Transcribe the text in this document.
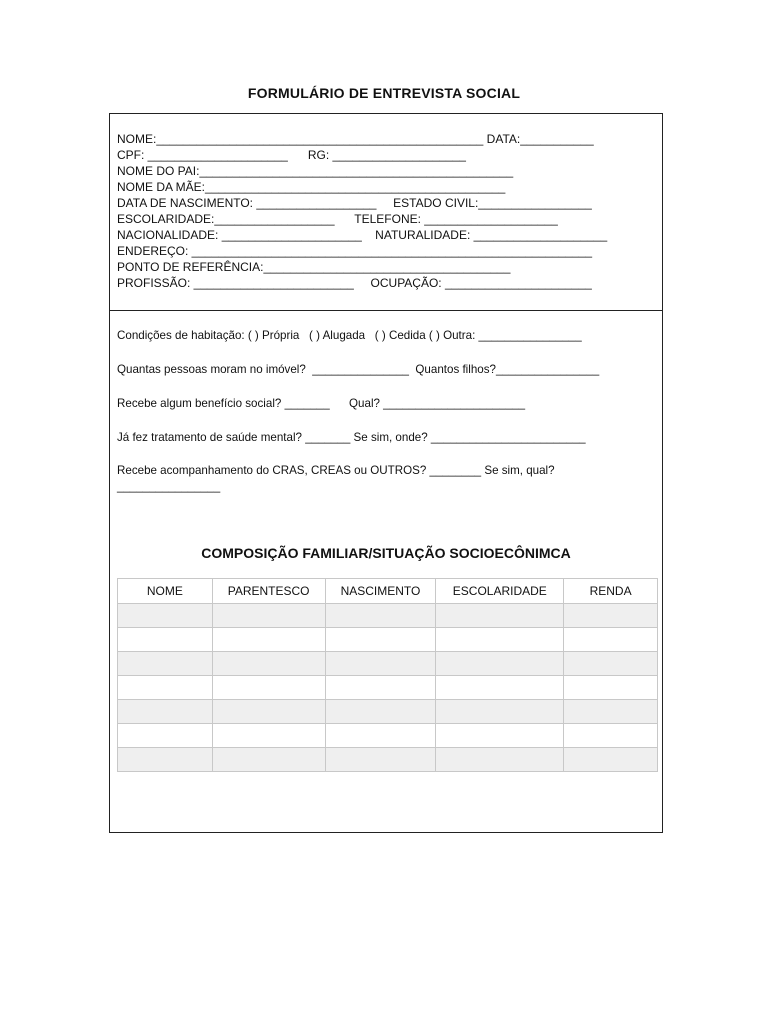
FORMULÁRIO DE ENTREVISTA SOCIAL
NOME:_________________________________________________ DATA:___________
CPF: _____________________      RG: ____________________
NOME DO PAI:_______________________________________________
NOME DA MÃE:_____________________________________________
DATA DE NASCIMENTO: __________________     ESTADO CIVIL:_________________
ESCOLARIDADE:__________________      TELEFONE: ____________________
NACIONALIDADE: _____________________    NATURALIDADE: ____________________
ENDEREÇO: ____________________________________________________________
PONTO DE REFERÊNCIA:_____________________________________
PROFISSÃO: ________________________     OCUPAÇÃO: ______________________
Condições de habitação: ( ) Própria   ( ) Alugada   ( ) Cedida ( ) Outra: ________________
Quantas pessoas moram no imóvel?  _______________  Quantos filhos?________________
Recebe algum benefício social? _______      Qual? ______________________
Já fez tratamento de saúde mental? _______ Se sim, onde? ________________________
Recebe acompanhamento do CRAS, CREAS ou OUTROS? ________ Se sim, qual?
________________
COMPOSIÇÃO FAMILIAR/SITUAÇÃO SOCIOECÔNIMCA
NOME	PARENTESCO	NASCIMENTO	ESCOLARIDADE	RENDA
